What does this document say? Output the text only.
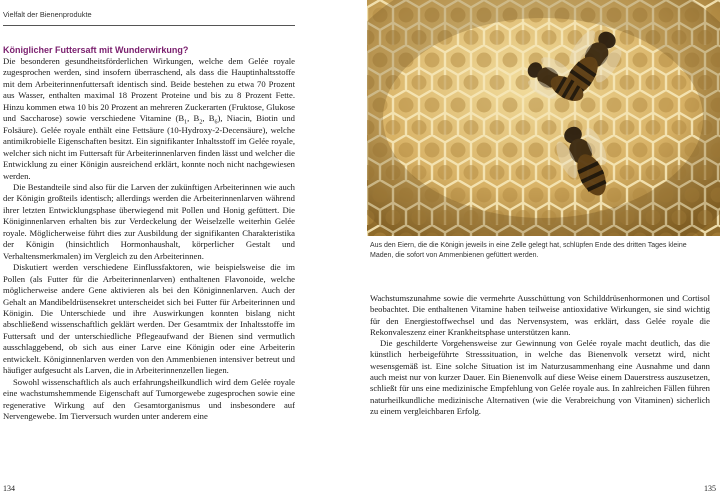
Vielfalt der Bienenprodukte
Königlicher Futtersaft mit Wunderwirkung?

Die besonderen gesundheitsförderlichen Wirkungen, welche dem Gelée royale zugesprochen werden, sind insofern überraschend, als dass die Hauptinhaltsstoffe mit dem Arbeiterinnenfuttersaft identisch sind. Beide bestehen zu etwa 70 Prozent aus Wasser, enthalten maximal 18 Prozent Proteine und bis zu 8 Prozent Fette. Hinzu kommen etwa 10 bis 20 Prozent an mehreren Zuckerarten (Fruktose, Glukose und Saccharose) sowie verschiedene Vitamine ($B_1$, $B_2$, $B_6$), Niacin, Biotin und Folsäure). Gelée royale enthält eine Fettsäure (10-Hydroxy-2-Decensäure), welche antimikrobielle Eigenschaften besitzt. Ein signifikanter Inhaltsstoff im Gelée royale, welcher sich nicht im Futtersaft für Arbeiterinnenlarven finden lässt und welcher die Entwicklung zu einer Königin ausreichend erklärt, konnte noch nicht nachgewiesen werden.

Die Bestandteile sind also für die Larven der zukünftigen Arbeiterinnen wie auch der Königin großteils identisch; allerdings werden die Arbeiterinnenlarven während ihrer letzten Entwicklungsphase überwiegend mit Pollen und Honig gefüttert. Die Königinnenlarven erhalten bis zur Verdeckelung der Weiselzelle weiterhin Gelée royale. Möglicherweise führt dies zur Ausbildung der signifikanten Charakteristika der Königin (hinsichtlich Hormonhaushalt, körperlicher Gestalt und Verhaltensmerkmalen) im Vergleich zu den Arbeiterinnen.

Diskutiert werden verschiedene Einflussfaktoren, wie beispielsweise die im Pollen (als Futter für die Arbeiterinnenlarven) enthaltenen Flavonoide, welche möglicherweise andere Gene aktivieren als bei den Königinnenlarven. Auch der Gehalt an Mandibeldrüsensekret unterscheidet sich bei Futter für Arbeiterinnen und Königin. Die Unterschiede und ihre Auswirkungen konnten bislang nicht abschließend wissenschaftlich geklärt werden. Der Gesamtmix der Inhaltsstoffe im Futtersaft und der unterschiedliche Pflegeaufwand der Bienen sind vermutlich ausschlaggebend, ob sich aus einer Larve eine Königin oder eine Arbeiterin entwickelt. Königinnenlarven werden von den Ammenbienen intensiver betreut und häufiger aufgesucht als Larven, die in Arbeiterinnenzellen liegen.

Sowohl wissenschaftlich als auch erfahrungsheilkundlich wird dem Gelée royale eine wachstumshemmende Eigenschaft auf Tumorgewebe zugesprochen sowie eine regenerative Wirkung auf den Gesamtorganismus und insbesondere auf Nervengewebe. Im Tierversuch wurden unter anderem eine

134
Aus den Eiern, die die Königin jeweils in eine Zelle gelegt hat, schlüpfen Ende des dritten Tages kleine Maden, die sofort von Ammenbienen gefüttert werden.

Wachstumszunahme sowie die vermehrte Ausschüttung von Schilddrüsenhormonen und Cortisol beobachtet. Die enthaltenen Vitamine haben teilweise antioxidative Wirkungen, sie sind wichtig für den Energiestoffwechsel und das Nervensystem, was erklärt, dass Gelée royale die Rekonvaleszenz einer Krankheitsphase unterstützen kann.

Die geschilderte Vorgehensweise zur Gewinnung von Gelée royale macht deutlich, das die künstlich herbeigeführte Stresssituation, in welche das Bienenvolk versetzt wird, nicht wesensgemäß ist. Eine solche Situation ist im Naturzusammenhang eine Ausnahme und dann auch meist nur von kurzer Dauer. Ein Bienenvolk auf diese Weise einem Dauerstress auszusetzen, schließt für uns eine medizinische Empfehlung von Gelée royale aus. In zahlreichen Fällen führen naturheilkundliche medizinische Alternativen (wie die Verabreichung von Vitaminen) sicherlich zu einem vergleichbaren Erfolg.

135
